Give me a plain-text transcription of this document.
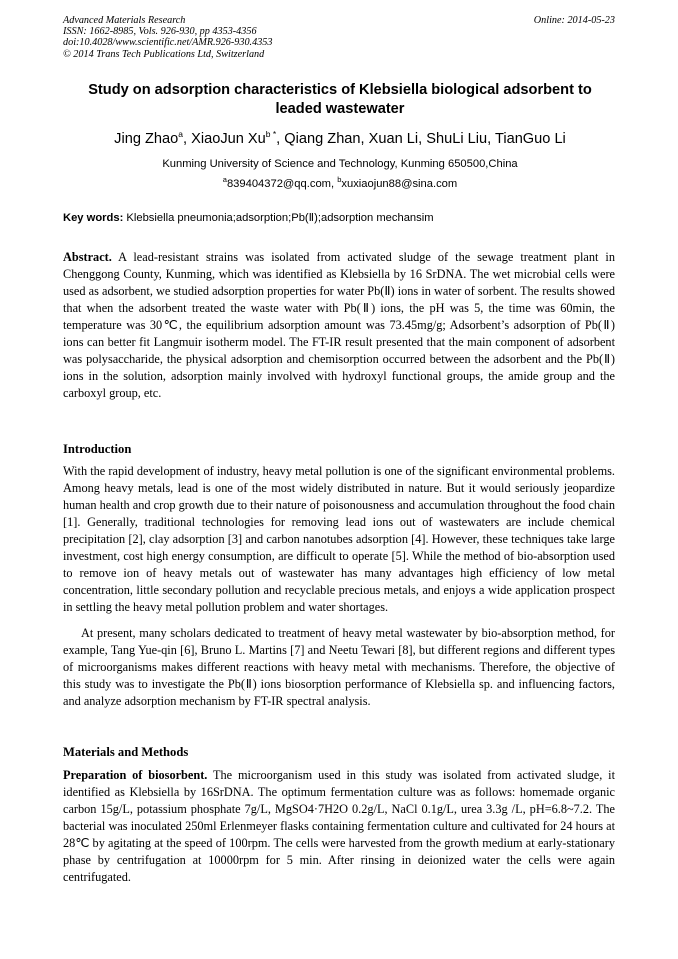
Advanced Materials Research
ISSN: 1662-8985, Vols. 926-930, pp 4353-4356
doi:10.4028/www.scientific.net/AMR.926-930.4353
© 2014 Trans Tech Publications Ltd, Switzerland
Online: 2014-05-23
Study on adsorption characteristics of Klebsiella biological adsorbent to
leaded wastewater
Jing Zhao$^a$, XiaoJun $Xu^{b *}$, Qiang Zhan, Xuan Li, ShuLi Liu, TianGuo Li
Kunming University of Science and Technology, Kunming 650500,China
$^a$839404372@qq.com, $^b$xuxiaojun88@sina.com
Key words: Klebsiella pneumonia;adsorption;Pb(Ⅱ);adsorption mechansim
Abstract. A lead-resistant strains was isolated from activated sludge of the sewage treatment plant in Chenggong County, Kunming, which was identified as Klebsiella by 16 SrDNA. The wet microbial cells were used as adsorbent, we studied adsorption properties for water Pb(Ⅱ) ions in water of sorbent. The results showed that when the adsorbent treated the waste water with Pb(Ⅱ) ions, the pH was 5, the time was 60min, the temperature was 30℃, the equilibrium adsorption amount was 73.45mg/g; Adsorbent’s adsorption of Pb(Ⅱ) ions can better fit Langmuir isotherm model. The FT-IR result presented that the main component of adsorbent was polysaccharide, the physical adsorption and chemisorption occurred between the adsorbent and the Pb(Ⅱ) ions in the solution, adsorption mainly involved with hydroxyl functional groups, the amide group and the carboxyl group, etc.
Introduction
With the rapid development of industry, heavy metal pollution is one of the significant environmental problems. Among heavy metals, lead is one of the most widely distributed in nature. But it would seriously jeopardize human health and crop growth due to their nature of poisonousness and accumulation throughout the food chain [1]. Generally, traditional technologies for removing lead ions out of wastewaters are include chemical precipitation [2], clay adsorption [3] and carbon nanotubes adsorption [4]. However, these techniques take large investment, cost high energy consumption, are difficult to operate [5]. While the method of bio-absorption used to remove ion of heavy metals out of wastewater has many advantages high efficiency of low metal concentration, little secondary pollution and recyclable precious metals, and enjoys a wide application prospect in settling the heavy metal pollution problem and water shortages.
At present, many scholars dedicated to treatment of heavy metal wastewater by bio-absorption method, for example, Tang Yue-qin [6], Bruno L. Martins [7] and Neetu Tewari [8], but different regions and different types of microorganisms makes different reactions with heavy metal with mechanisms. Therefore, the objective of this study was to investigate the Pb(Ⅱ) ions biosorption performance of Klebsiella sp. and influencing factors, and analyze adsorption mechanism by FT-IR spectral analysis.
Materials and Methods
Preparation of biosorbent. The microorganism used in this study was isolated from activated sludge, it identified as Klebsiella by 16SrDNA. The optimum fermentation culture was as follows: homemade organic carbon 15g/L, potassium phosphate 7g/L, MgSO4·7H2O 0.2g/L, NaCl 0.1g/L, urea 3.3g /L, pH=6.8~7.2. The bacterial was inoculated 250ml Erlenmeyer flasks containing fermentation culture and cultivated for 24 hours at 28℃ by agitating at the speed of 100rpm. The cells were harvested from the growth medium at early-stationary phase by centrifugation at 10000rpm for 5 min. After rinsing in deionized water the cells were again centrifugated.
